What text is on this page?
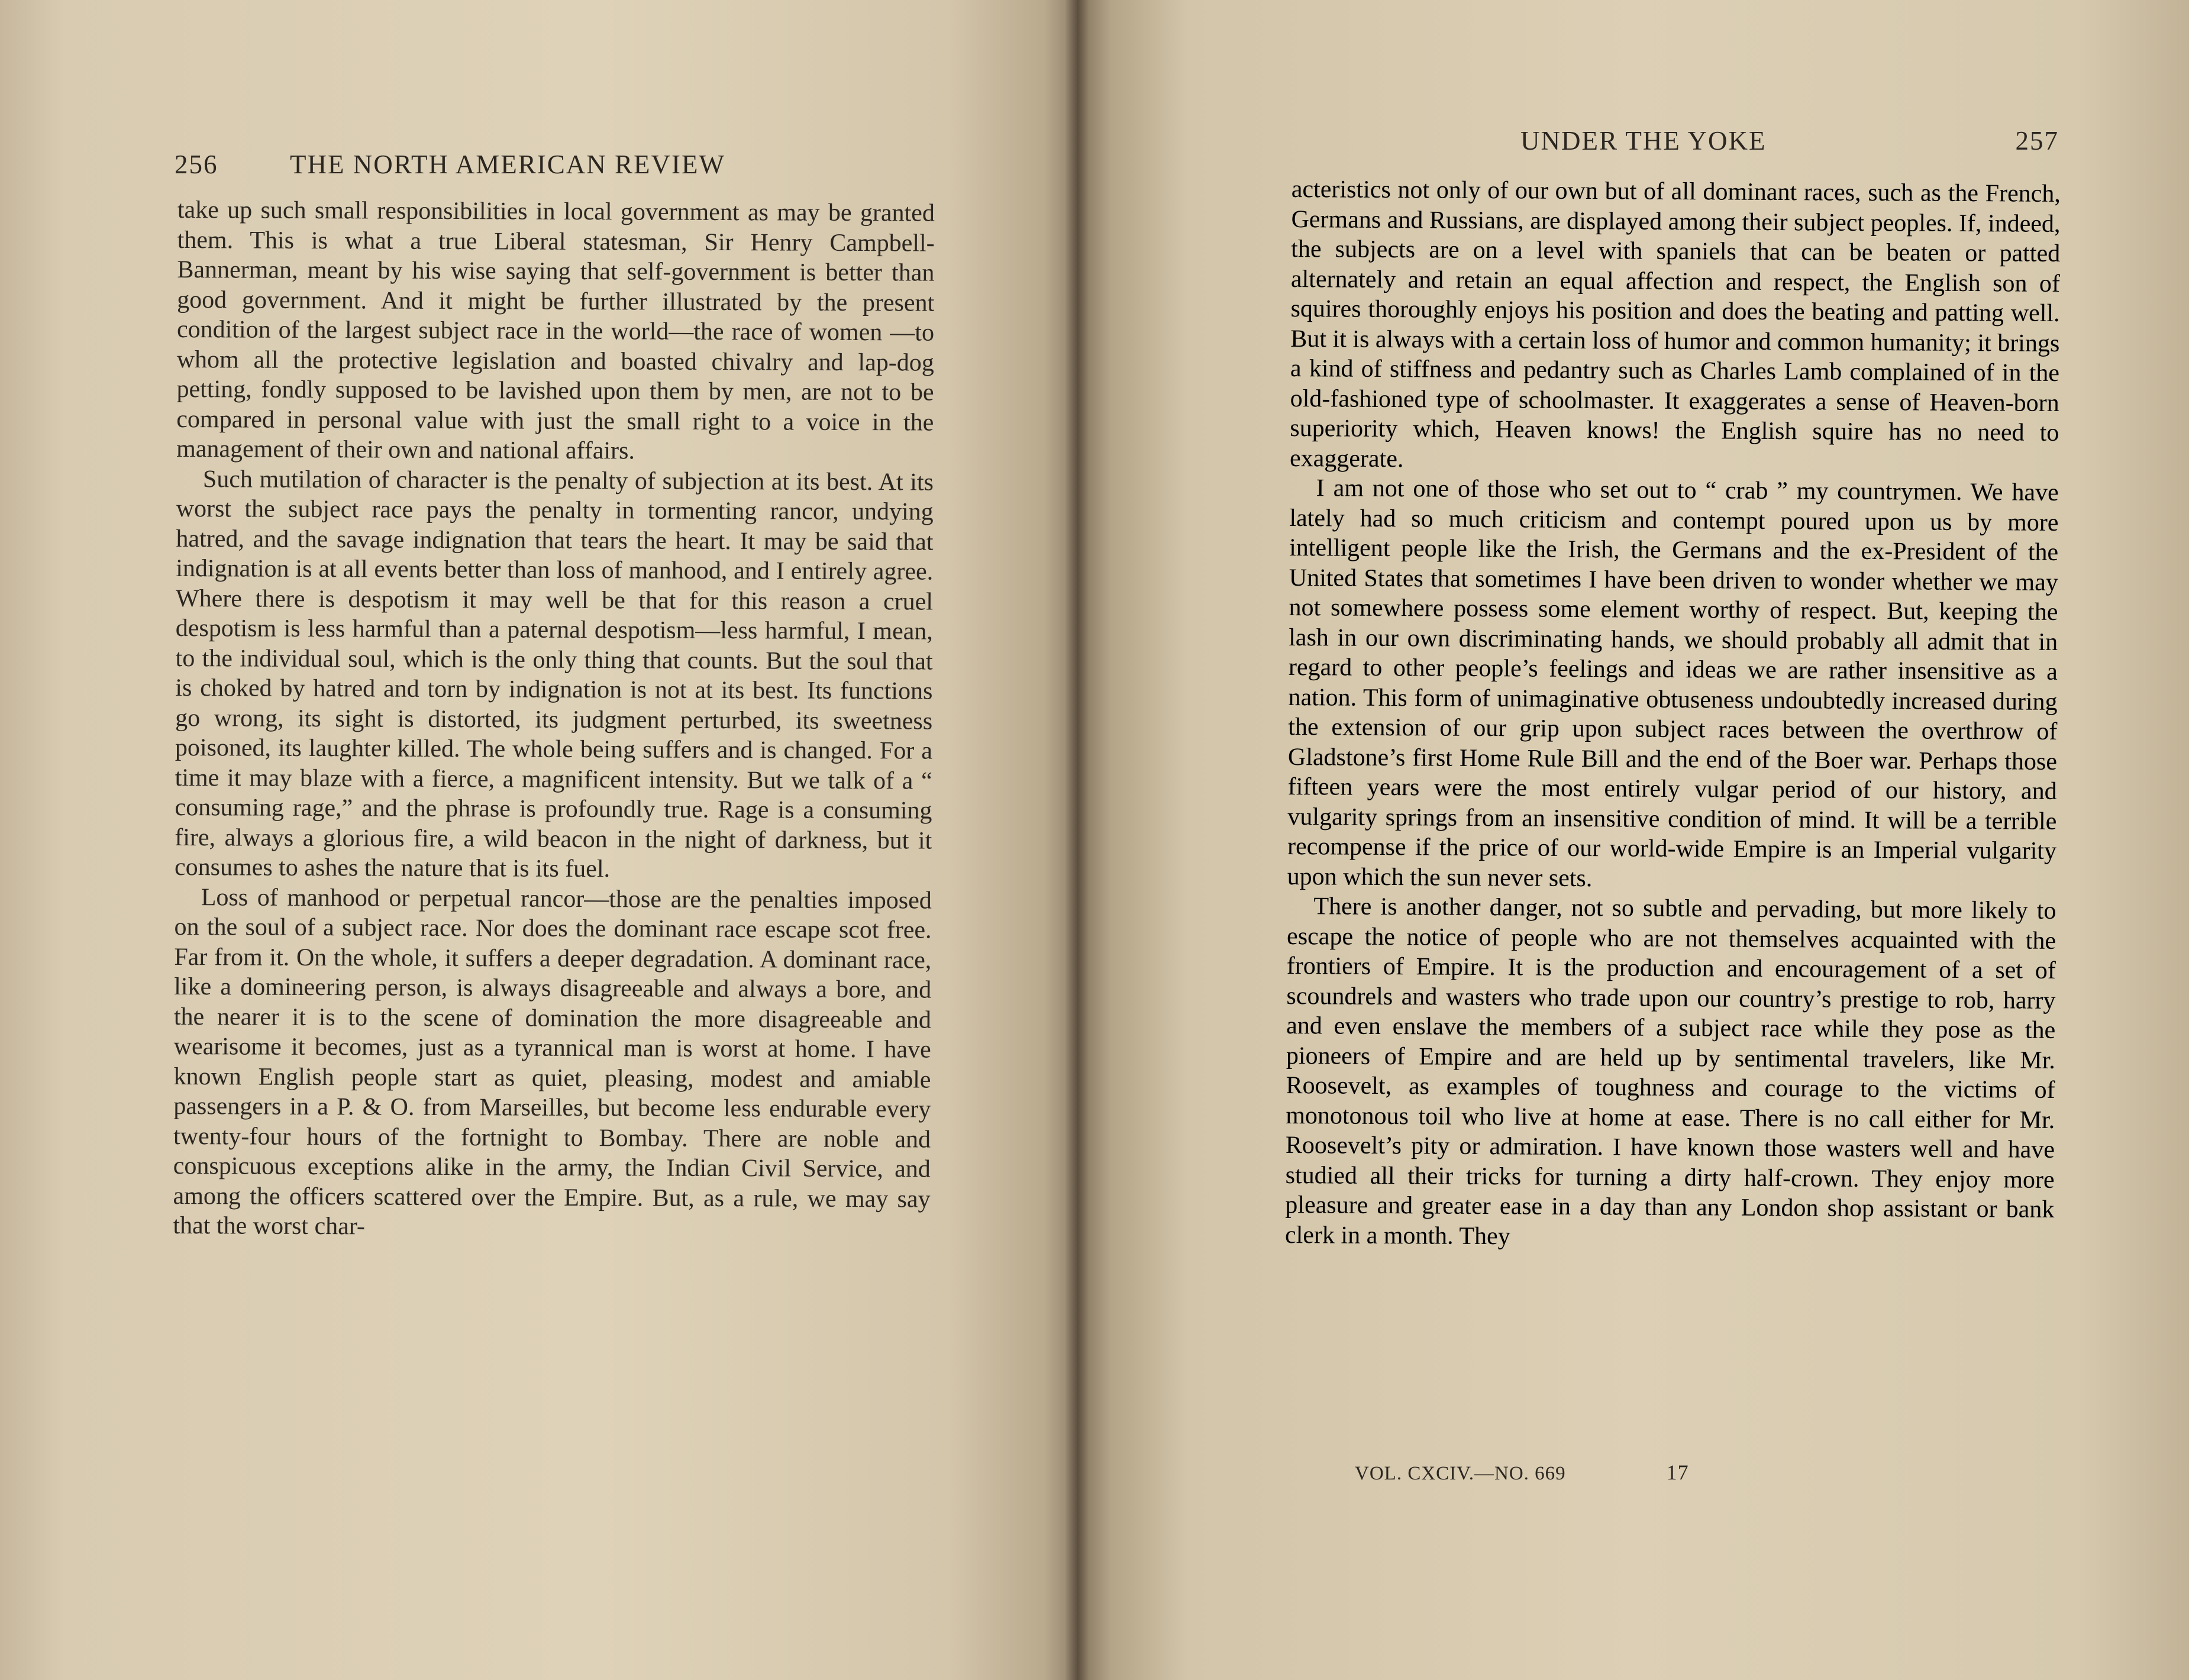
256	THE NORTH AMERICAN REVIEW

take up such small responsibilities in local government as may be granted them. This is what a true Liberal statesman, Sir Henry Campbell-Bannerman, meant by his wise saying that self-government is better than good government. And it might be further illustrated by the present condition of the largest subject race in the world—the race of women —to whom all the protective legislation and boasted chivalry and lap-dog petting, fondly supposed to be lavished upon them by men, are not to be compared in personal value with just the small right to a voice in the management of their own and national affairs.

Such mutilation of character is the penalty of subjection at its best. At its worst the subject race pays the penalty in tormenting rancor, undying hatred, and the savage indignation that tears the heart. It may be said that indignation is at all events better than loss of manhood, and I entirely agree. Where there is despotism it may well be that for this reason a cruel despotism is less harmful than a paternal despotism—less harmful, I mean, to the individual soul, which is the only thing that counts. But the soul that is choked by hatred and torn by indignation is not at its best. Its functions go wrong, its sight is distorted, its judgment perturbed, its sweetness poisoned, its laughter killed. The whole being suffers and is changed. For a time it may blaze with a fierce, a magnificent intensity. But we talk of a “ consuming rage,” and the phrase is profoundly true. Rage is a consuming fire, always a glorious fire, a wild beacon in the night of darkness, but it consumes to ashes the nature that is its fuel.

Loss of manhood or perpetual rancor—those are the penalties imposed on the soul of a subject race. Nor does the dominant race escape scot free. Far from it. On the whole, it suffers a deeper degradation. A dominant race, like a domineering person, is always disagreeable and always a bore, and the nearer it is to the scene of domination the more disagreeable and wearisome it becomes, just as a tyrannical man is worst at home. I have known English people start as quiet, pleasing, modest and amiable passengers in a P. & O. from Marseilles, but become less endurable every twenty-four hours of the fortnight to Bombay. There are noble and conspicuous exceptions alike in the army, the Indian Civil Service, and among the officers scattered over the Empire. But, as a rule, we may say that the worst char-

UNDER THE YOKE	257

acteristics not only of our own but of all dominant races, such as the French, Germans and Russians, are displayed among their subject peoples. If, indeed, the subjects are on a level with spaniels that can be beaten or patted alternately and retain an equal affection and respect, the English son of squires thoroughly enjoys his position and does the beating and patting well. But it is always with a certain loss of humor and common humanity; it brings a kind of stiffness and pedantry such as Charles Lamb complained of in the old-fashioned type of schoolmaster. It exaggerates a sense of Heaven-born superiority which, Heaven knows! the English squire has no need to exaggerate.

I am not one of those who set out to “ crab ” my countrymen. We have lately had so much criticism and contempt poured upon us by more intelligent people like the Irish, the Germans and the ex-President of the United States that sometimes I have been driven to wonder whether we may not somewhere possess some element worthy of respect. But, keeping the lash in our own discriminating hands, we should probably all admit that in regard to other people’s feelings and ideas we are rather insensitive as a nation. This form of unimaginative obtuseness undoubtedly increased during the extension of our grip upon subject races between the overthrow of Gladstone’s first Home Rule Bill and the end of the Boer war. Perhaps those fifteen years were the most entirely vulgar period of our history, and vulgarity springs from an insensitive condition of mind. It will be a terrible recompense if the price of our world-wide Empire is an Imperial vulgarity upon which the sun never sets.

There is another danger, not so subtle and pervading, but more likely to escape the notice of people who are not themselves acquainted with the frontiers of Empire. It is the production and encouragement of a set of scoundrels and wasters who trade upon our country’s prestige to rob, harry and even enslave the members of a subject race while they pose as the pioneers of Empire and are held up by sentimental travelers, like Mr. Roosevelt, as examples of toughness and courage to the victims of monotonous toil who live at home at ease. There is no call either for Mr. Roosevelt’s pity or admiration. I have known those wasters well and have studied all their tricks for turning a dirty half-crown. They enjoy more pleasure and greater ease in a day than any London shop assistant or bank clerk in a month. They

VOL. CXCIV.—NO. 669	17
